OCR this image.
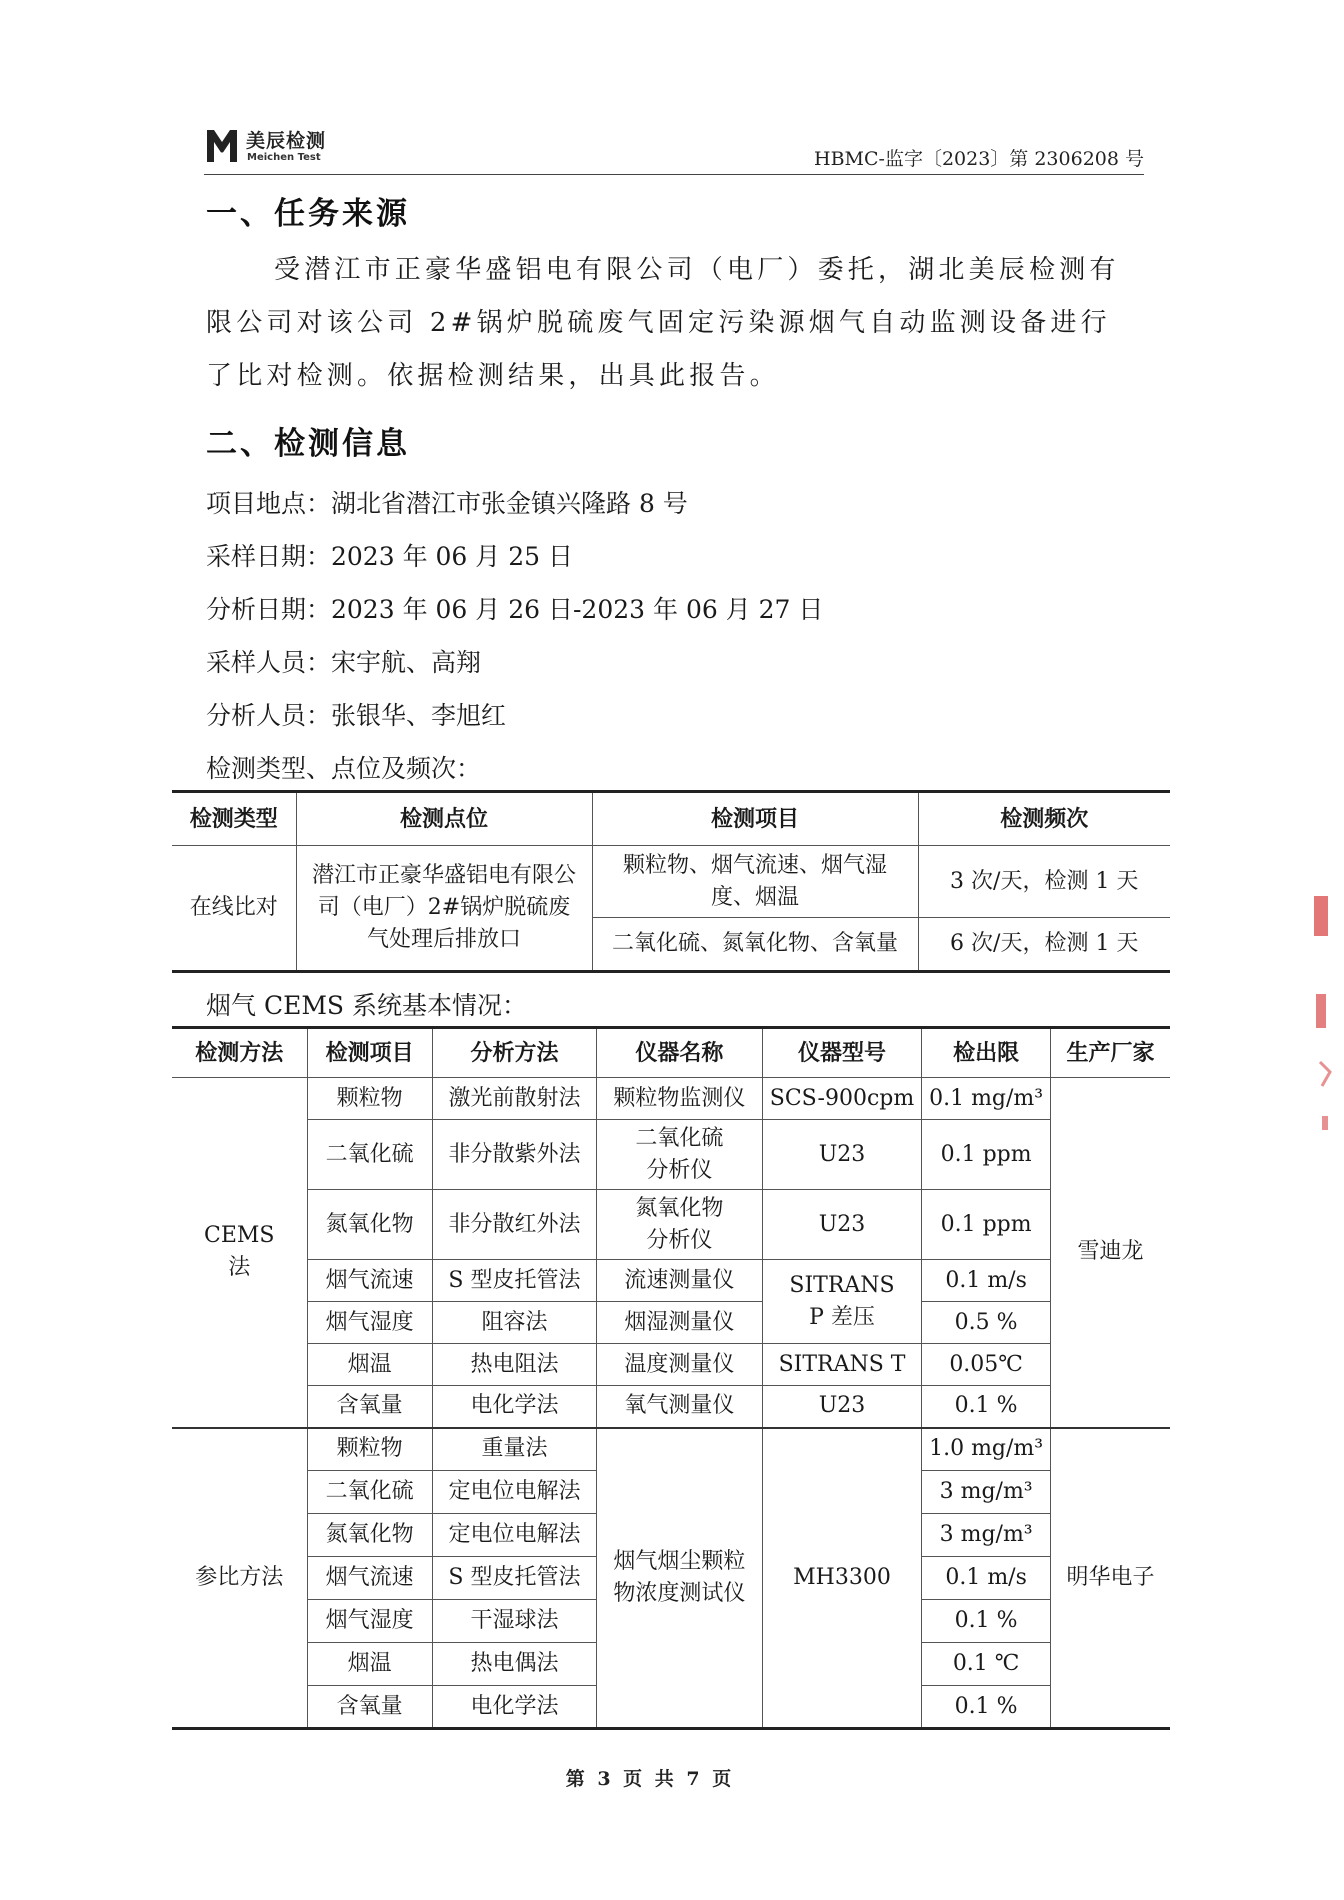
美辰检测
Meichen Test	HBMC-监字〔2023〕第 2306208 号
一、任务来源
受潜江市正豪华盛铝电有限公司（电厂）委托，湖北美辰检测有限公司对该公司 2#锅炉脱硫废气固定污染源烟气自动监测设备进行了比对检测。依据检测结果，出具此报告。
二、检测信息
项目地点：湖北省潜江市张金镇兴隆路 8 号
采样日期：2023 年 06 月 25 日
分析日期：2023 年 06 月 26 日-2023 年 06 月 27 日
采样人员：宋宇航、高翔
分析人员：张银华、李旭红
检测类型、点位及频次：
检测类型	检测点位	检测项目	检测频次
在线比对	潜江市正豪华盛铝电有限公司（电厂）2#锅炉脱硫废气处理后排放口	颗粒物、烟气流速、烟气湿度、烟温	3 次/天，检测 1 天
		二氧化硫、氮氧化物、含氧量	6 次/天，检测 1 天
烟气 CEMS 系统基本情况：
检测方法	检测项目	分析方法	仪器名称	仪器型号	检出限	生产厂家
CEMS法	颗粒物	激光前散射法	颗粒物监测仪	SCS-900cpm	0.1 mg/m³	雪迪龙
	二氧化硫	非分散紫外法	二氧化硫分析仪	U23	0.1 ppm	
	氮氧化物	非分散红外法	氮氧化物分析仪	U23	0.1 ppm	
	烟气流速	S 型皮托管法	流速测量仪	SITRANS P 差压	0.1 m/s	
	烟气湿度	阻容法	烟湿测量仪		0.5 %	
	烟温	热电阻法	温度测量仪	SITRANS T	0.05℃	
	含氧量	电化学法	氧气测量仪	U23	0.1 %	
参比方法	颗粒物	重量法	烟气烟尘颗粒物浓度测试仪	MH3300	1.0 mg/m³	明华电子
	二氧化硫	定电位电解法			3 mg/m³	
	氮氧化物	定电位电解法			3 mg/m³	
	烟气流速	S 型皮托管法			0.1 m/s	
	烟气湿度	干湿球法			0.1 %	
	烟温	热电偶法			0.1 ℃	
	含氧量	电化学法			0.1 %	
第 3 页 共 7 页
